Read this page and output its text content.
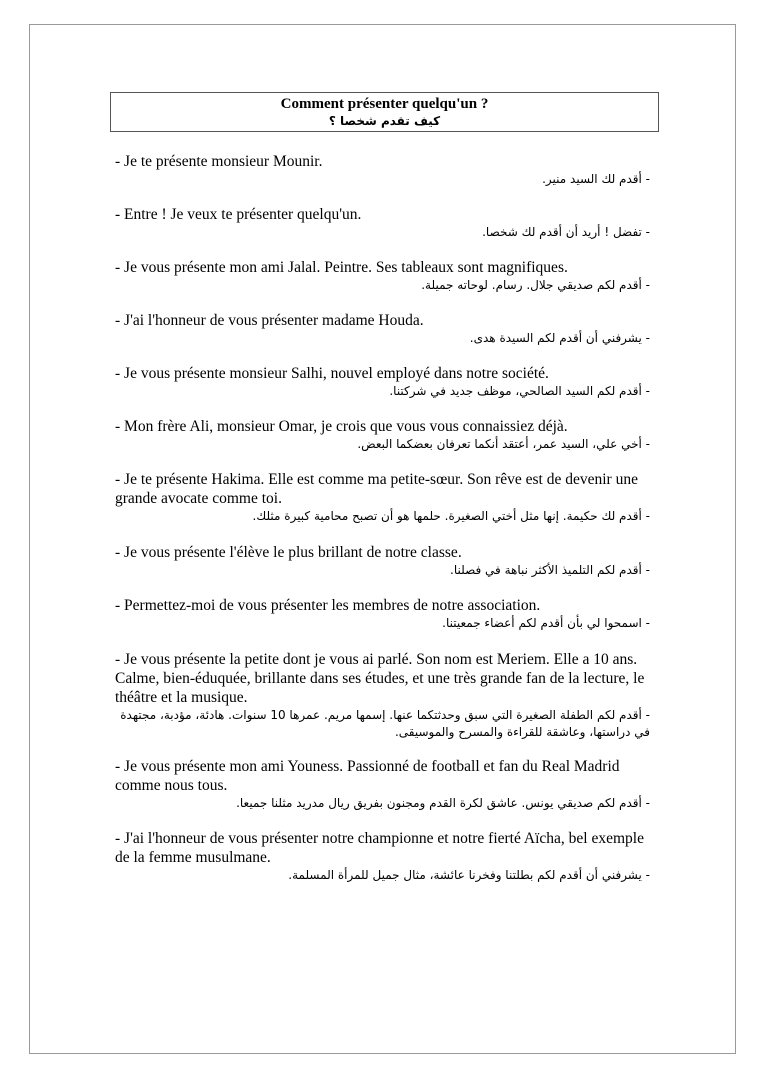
Comment présenter quelqu'un ?
كيف تقدم شخصا ؟

- Je te présente monsieur Mounir.

- أقدم لك السيد منير.

- Entre ! Je veux te présenter quelqu'un.

- تفضل ! أريد أن أقدم لك شخصا.

- Je vous présente mon ami Jalal. Peintre. Ses tableaux sont magnifiques.

- أقدم لكم صديقي جلال. رسام. لوحاته جميلة.

- J'ai l'honneur de vous présenter madame Houda.

- يشرفني أن أقدم لكم السيدة هدى.

- Je vous présente monsieur Salhi, nouvel employé dans notre société.

- أقدم لكم السيد الصالحي، موظف جديد في شركتنا.

- Mon frère Ali, monsieur Omar, je crois que vous vous connaissiez déjà.

- أخي علي، السيد عمر، أعتقد أنكما تعرفان بعضكما البعض.

- Je te présente Hakima. Elle est comme ma petite-sœur. Son rêve est de devenir une grande avocate comme toi.

- أقدم لك حكيمة. إنها مثل أختي الصغيرة. حلمها هو أن تصبح محامية كبيرة مثلك.

- Je vous présente l'élève le plus brillant de notre classe.

- أقدم لكم التلميذ الأكثر نباهة في فصلنا.

- Permettez-moi de vous présenter les membres de notre association.

- اسمحوا لي بأن أقدم لكم أعضاء جمعيتنا.

- Je vous présente la petite dont je vous ai parlé. Son nom est Meriem. Elle a 10 ans. Calme, bien-éduquée, brillante dans ses études, et une très grande fan de la lecture, le théâtre et la musique.

- أقدم لكم الطفلة الصغيرة التي سبق وحدثتكما عنها. إسمها مريم. عمرها 10 سنوات. هادئة، مؤدبة، مجتهدة في دراستها، وعاشقة للقراءة والمسرح والموسيقى.

- Je vous présente mon ami Youness. Passionné de football et fan du Real Madrid comme nous tous.

- أقدم لكم صديقي يونس. عاشق لكرة القدم ومجنون بفريق ريال مدريد مثلنا جميعا.

- J'ai l'honneur de vous présenter notre championne et notre fierté Aïcha, bel exemple de la femme musulmane.

- يشرفني أن أقدم لكم بطلتنا وفخرنا عائشة، مثال جميل للمرأة المسلمة.
